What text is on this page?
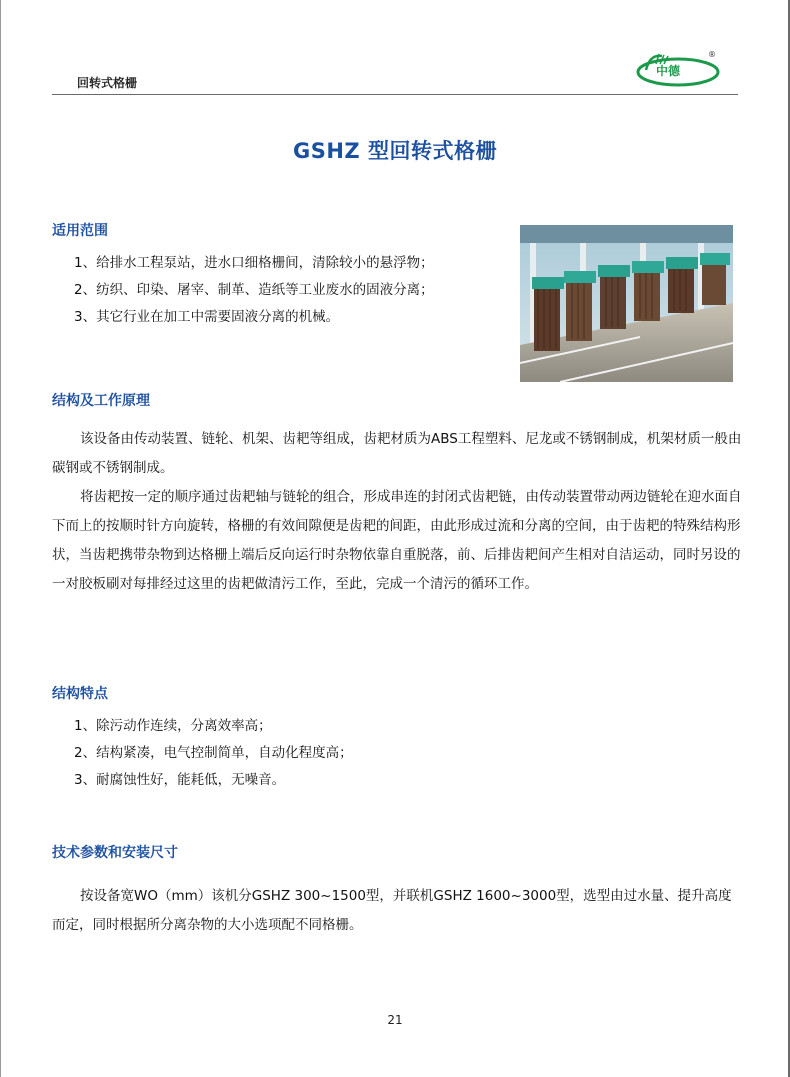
回转式格栅
中德
®
GSHZ 型回转式格栅
适用范围
1、给排水工程泵站，进水口细格栅间，清除较小的悬浮物；
2、纺织、印染、屠宰、制革、造纸等工业废水的固液分离；
3、其它行业在加工中需要固液分离的机械。
结构及工作原理

该设备由传动装置、链轮、机架、齿耙等组成，齿耙材质为ABS工程塑料、尼龙或不锈钢制成，机架材质一般由碳钢或不锈钢制成。

将齿耙按一定的顺序通过齿耙轴与链轮的组合，形成串连的封闭式齿耙链，由传动装置带动两边链轮在迎水面自下而上的按顺时针方向旋转，格栅的有效间隙便是齿耙的间距，由此形成过流和分离的空间，由于齿耙的特殊结构形状，当齿耙携带杂物到达格栅上端后反向运行时杂物依靠自重脱落，前、后排齿耙间产生相对自洁运动，同时另设的一对胶板刷对每排经过这里的齿耙做清污工作，至此，完成一个清污的循环工作。

结构特点
1、除污动作连续，分离效率高；
2、结构紧凑，电气控制简单，自动化程度高；
3、耐腐蚀性好，能耗低，无噪音。
技术参数和安装尺寸

按设备宽WO（mm）该机分GSHZ 300~1500型，并联机GSHZ 1600~3000型，选型由过水量、提升高度而定，同时根据所分离杂物的大小选项配不同格栅。

21
